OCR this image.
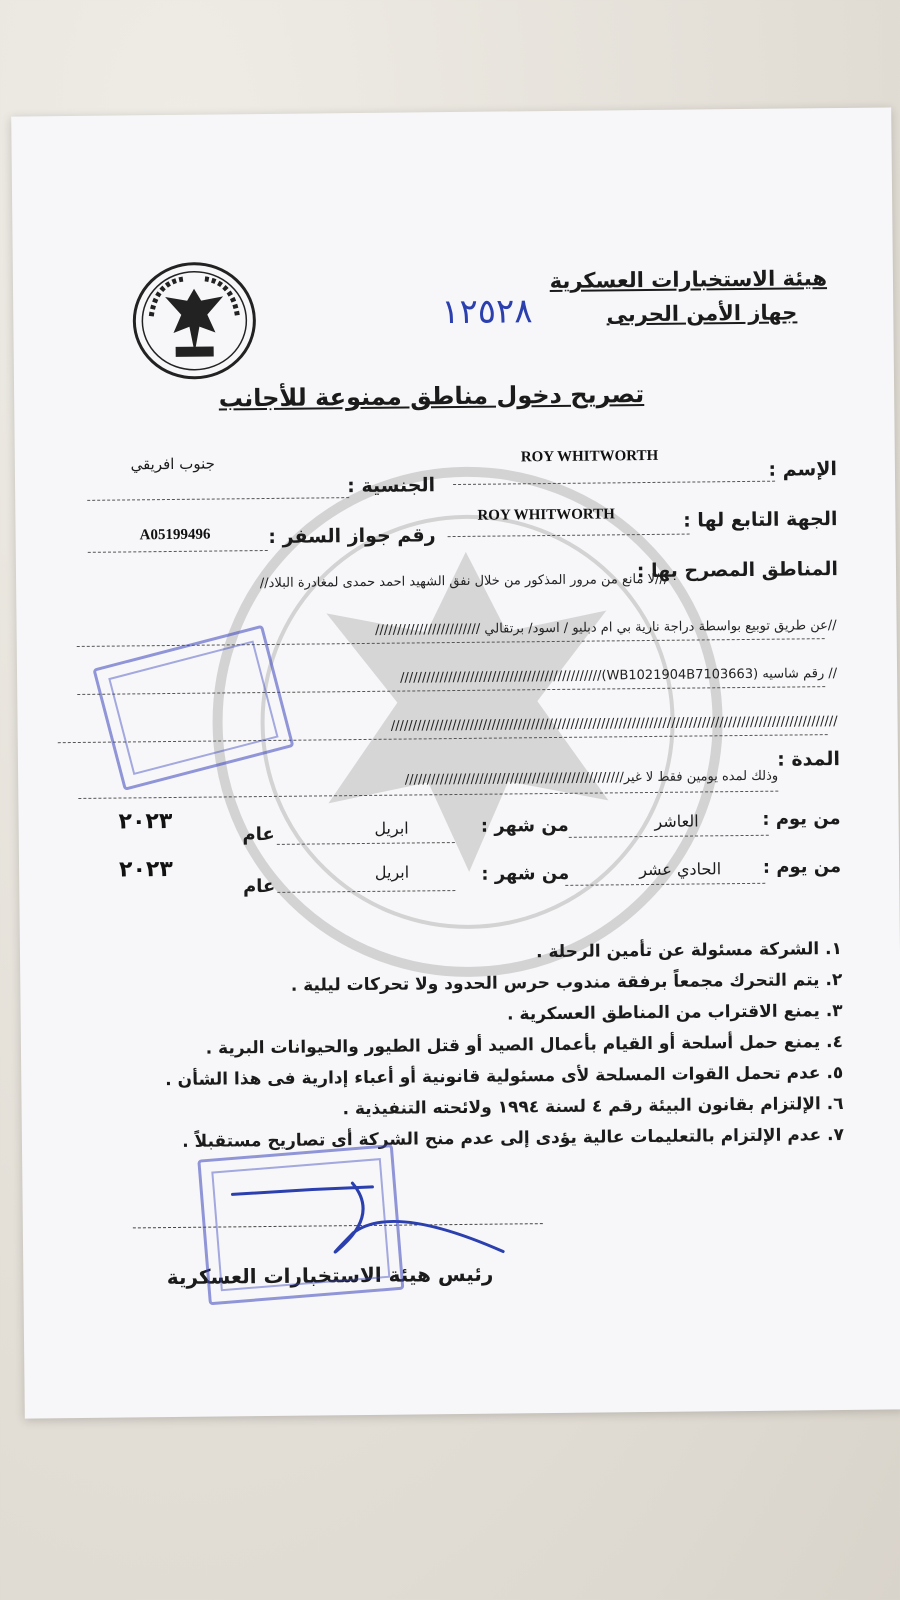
هيئة الاستخبارات العسكرية
جهاز الأمن الحربى
١٢٥٢٨
تصريح دخول مناطق ممنوعة للأجانب
الإسم :
ROY WHITWORTH
جنوب افريقي
الجنسية :
الجهة التابع لها :
ROY WHITWORTH
رقم جواز السفر :
A05199496
المناطق المصرح بها :
///لا مانع من مرور المذكور من خلال نفق الشهيد احمد حمدى لمغادرة البلاد//
//عن طريق توبيع بواسطة دراجة نارية بي ام دبليو / اسود/ برتقالي ////////////////////////
// رقم شاسيه (WB1021904B7103663)//////////////////////////////////////////////
//////////////////////////////////////////////////////////////////////////////////////////////////////
المدة :
وذلك لمده يومين فقط لا غير//////////////////////////////////////////////////
من يوم :
العاشر
من شهر :
ابريل
عام
٢٠٢٣
من يوم :
الحادي عشر
من شهر :
ابريل
عام
٢٠٢٣
١. الشركة مسئولة عن تأمين الرحلة .
٢. يتم التحرك مجمعاً برفقة مندوب حرس الحدود ولا تحركات ليلية .
٣. يمنع الاقتراب من المناطق العسكرية .
٤. يمنع حمل أسلحة أو القيام بأعمال الصيد أو قتل الطيور والحيوانات البرية .
٥. عدم تحمل القوات المسلحة لأى مسئولية قانونية أو أعباء إدارية فى هذا الشأن .
٦. الإلتزام بقانون البيئة رقم ٤ لسنة ١٩٩٤ ولائحته التنفيذية .
٧. عدم الإلتزام بالتعليمات عالية يؤدى إلى عدم منح الشركة أى تصاريح مستقبلاً .
رئيس هيئة الاستخبارات العسكرية
